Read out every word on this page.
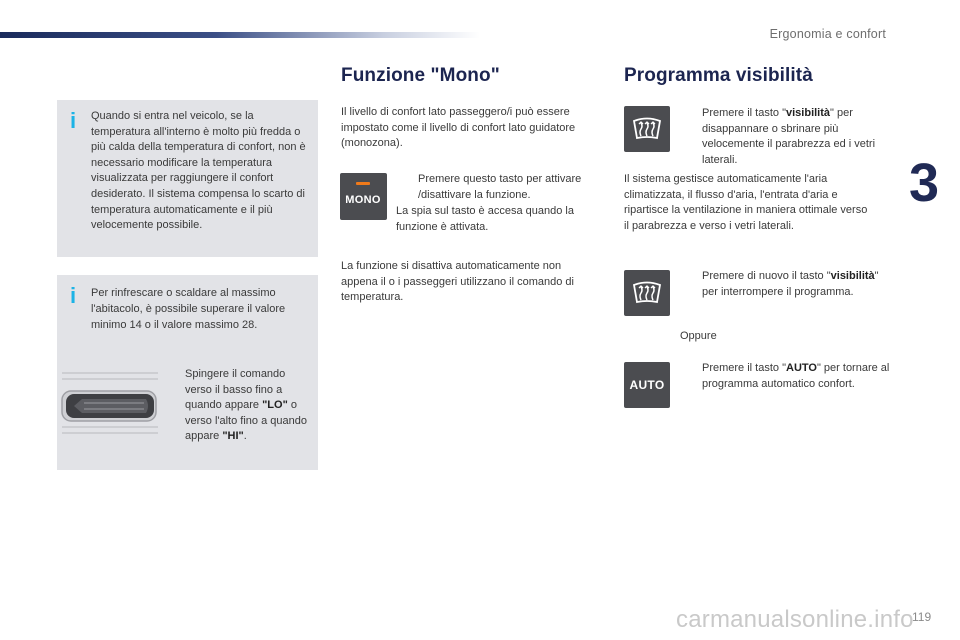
Ergonomia e confort
3
119
i Quando si entra nel veicolo, se la temperatura all'interno è molto più fredda o più calda della temperatura di confort, non è necessario modificare la temperatura visualizzata per raggiungere il confort desiderato. Il sistema compensa lo scarto di temperatura automaticamente e il più velocemente possibile.
i Per rinfrescare o scaldare al massimo l'abitacolo, è possibile superare il valore minimo 14 o il valore massimo 28.
Spingere il comando verso il basso fino a quando appare "LO" o verso l'alto fino a quando appare "HI".
Funzione "Mono"
Il livello di confort lato passeggero/i può essere impostato come il livello di confort lato guidatore (monozona).
MONO
Premere questo tasto per attivare /disattivare la funzione.
La spia sul tasto è accesa quando la funzione è attivata.
La funzione si disattiva automaticamente non appena il o i passeggeri utilizzano il comando di temperatura.
Programma visibilità
Premere il tasto "visibilità" per disappannare o sbrinare più velocemente il parabrezza ed i vetri laterali.
Il sistema gestisce automaticamente l'aria climatizzata, il flusso d'aria, l'entrata d'aria e ripartisce la ventilazione in maniera ottimale verso il parabrezza e verso i vetri laterali.
Premere di nuovo il tasto "visibilità" per interrompere il programma.
Oppure
AUTO
Premere il tasto "AUTO" per tornare al programma automatico confort.
carmanualsonline.info
